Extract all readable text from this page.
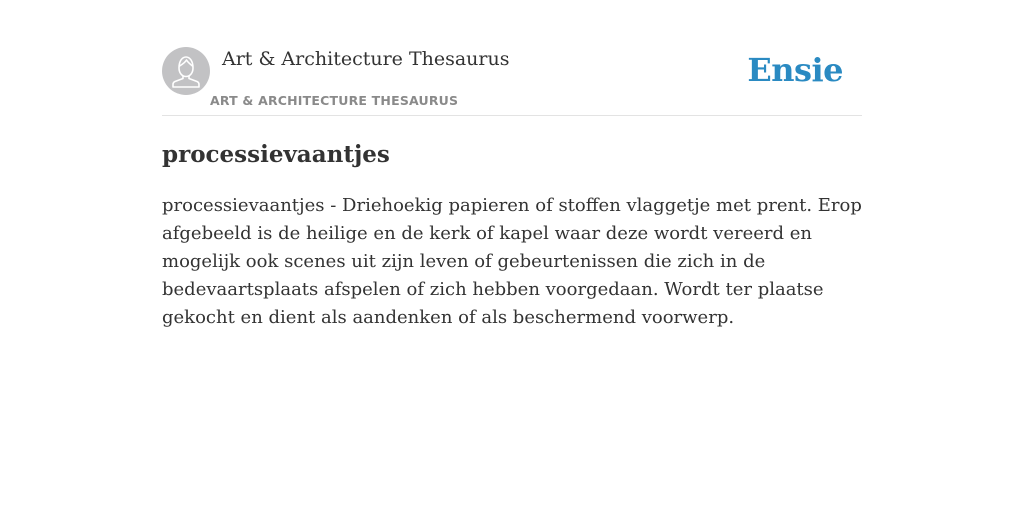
Art & Architecture Thesaurus
ART & ARCHITECTURE THESAURUS
Ensie
processievaantjes

processievaantjes - Driehoekig papieren of stoffen vlaggetje met prent. Erop afgebeeld is de heilige en de kerk of kapel waar deze wordt vereerd en mogelijk ook scenes uit zijn leven of gebeurtenissen die zich in de bedevaartsplaats afspelen of zich hebben voorgedaan. Wordt ter plaatse gekocht en dient als aandenken of als beschermend voorwerp.
